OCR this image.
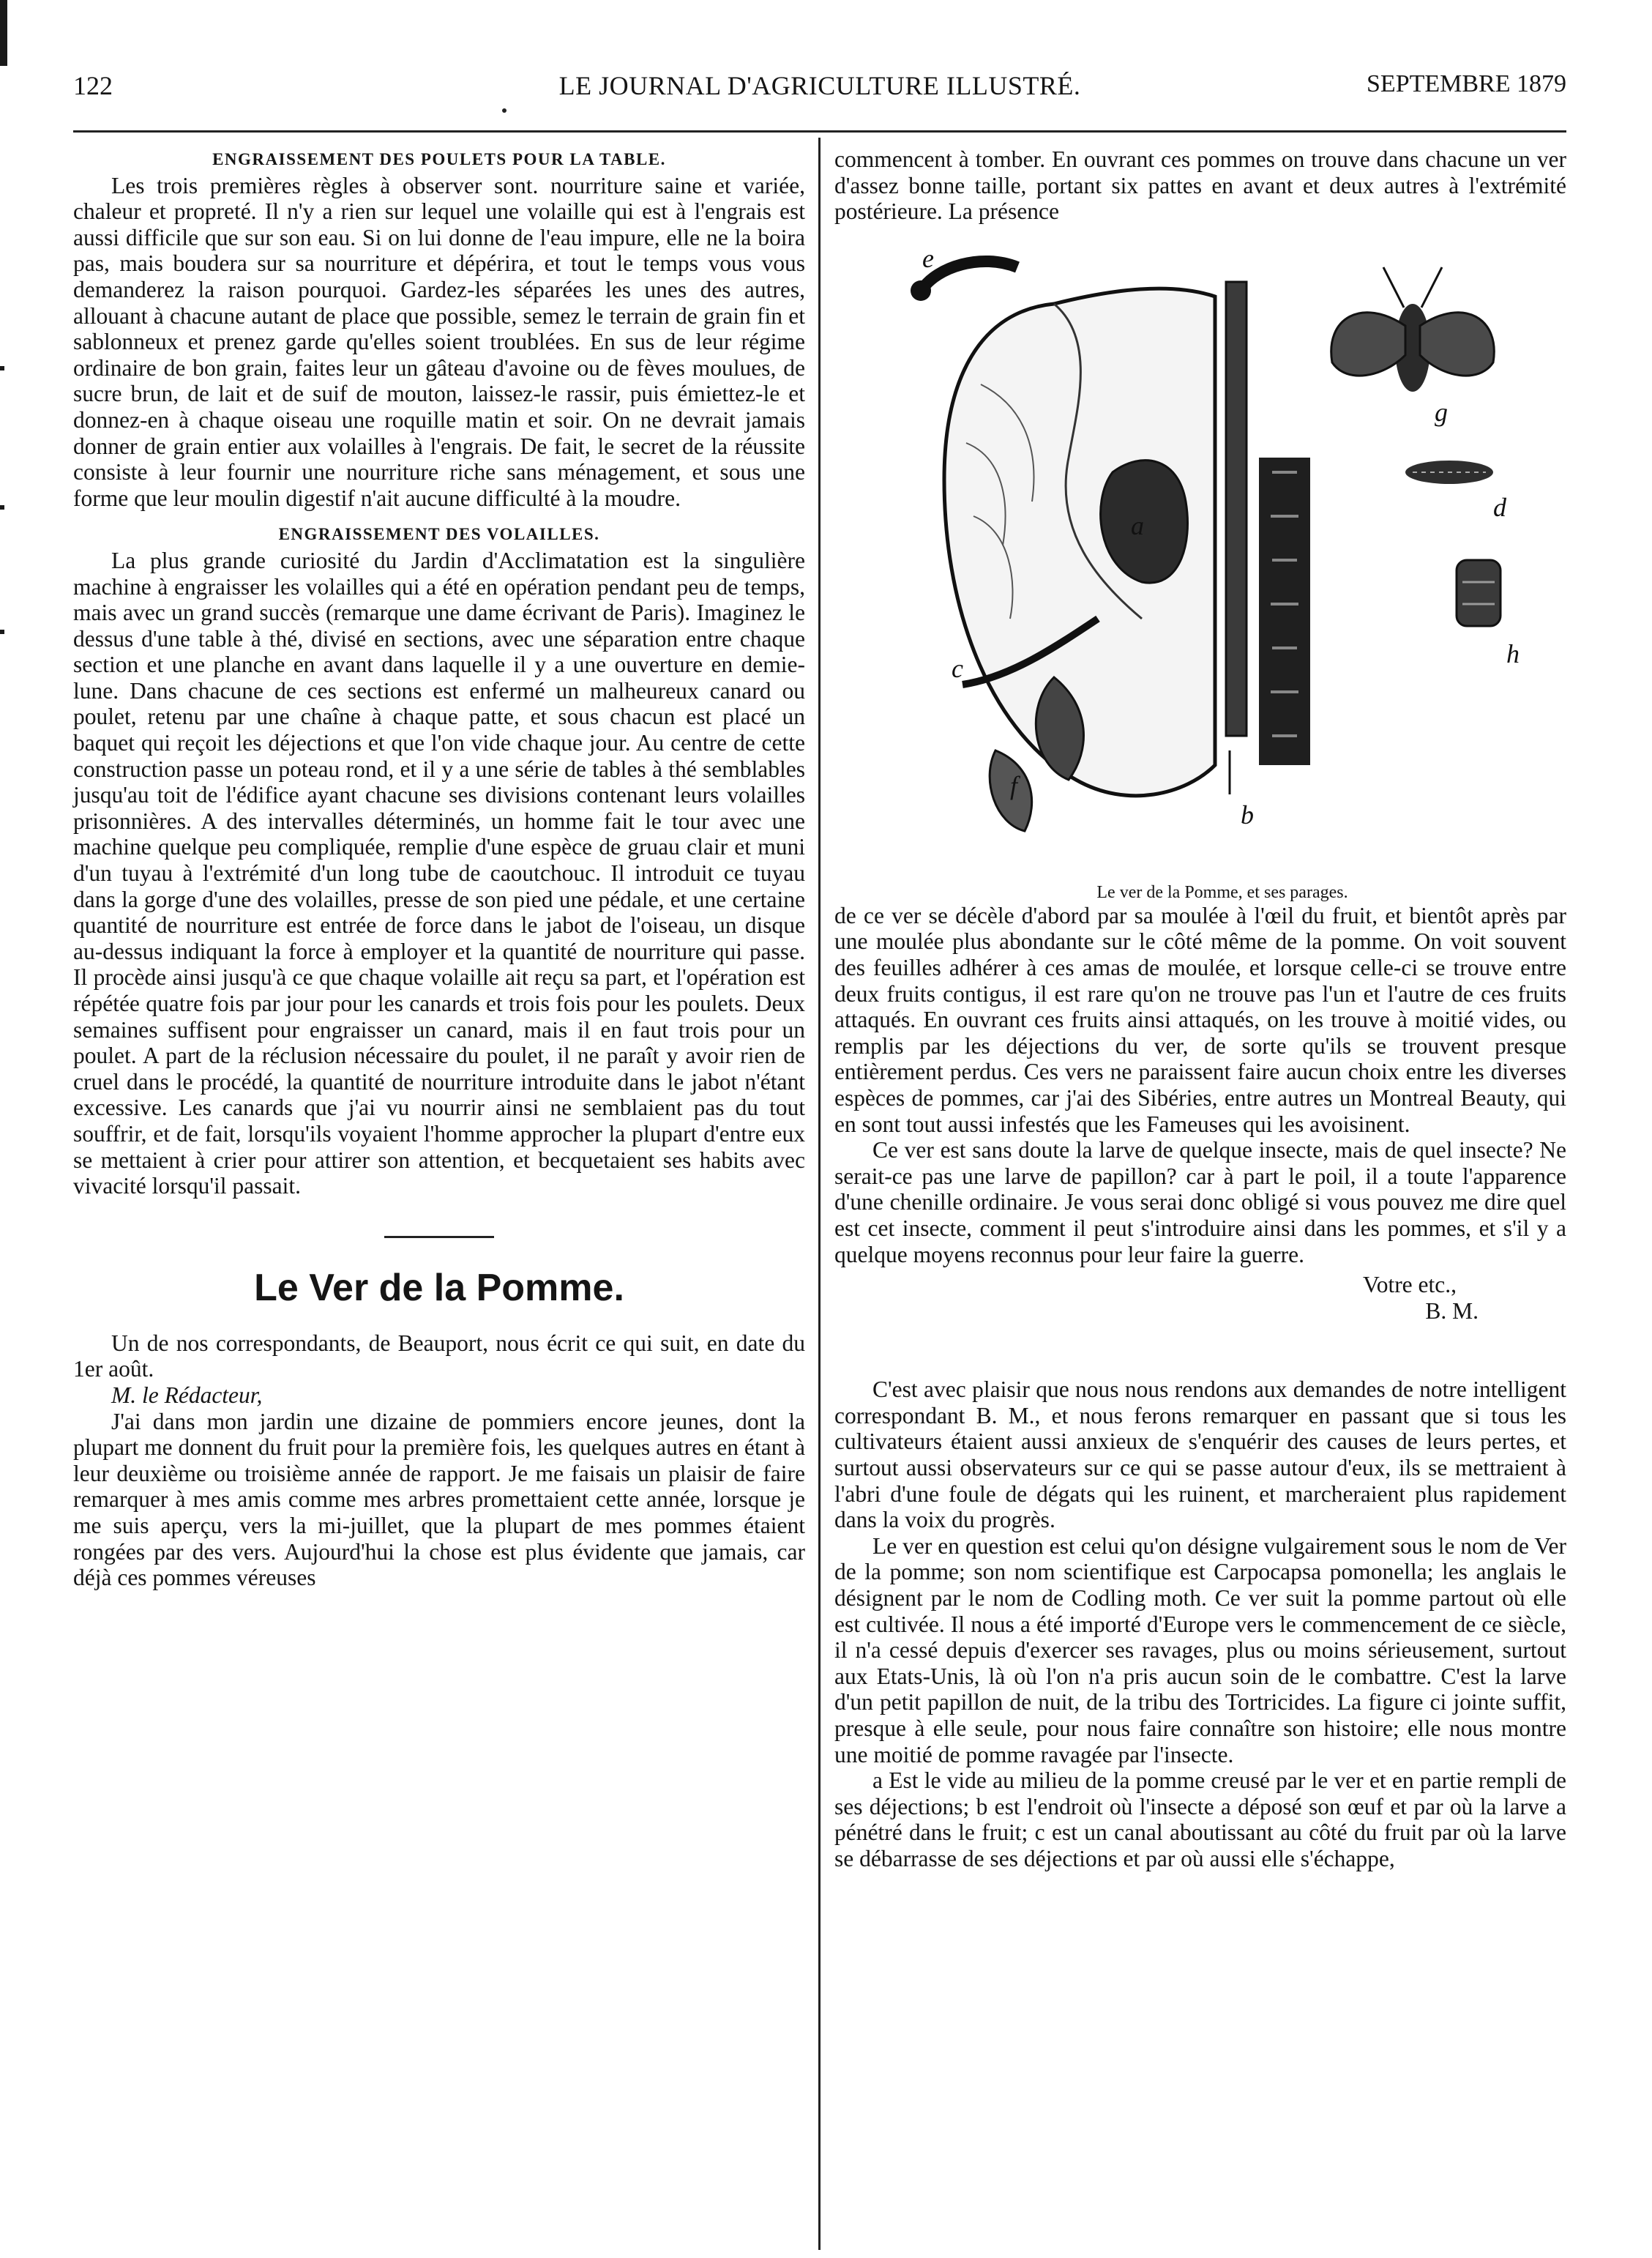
122	LE JOURNAL D'AGRICULTURE ILLUSTRÉ.	SEPTEMBRE 1879
ENGRAISSEMENT DES POULETS POUR LA TABLE.

Les trois premières règles à observer sont. nourriture saine et variée, chaleur et propreté. Il n'y a rien sur lequel une volaille qui est à l'engrais est aussi difficile que sur son eau. Si on lui donne de l'eau impure, elle ne la boira pas, mais boudera sur sa nourriture et dépérira, et tout le temps vous vous demanderez la raison pourquoi. Gardez-les séparées les unes des autres, allouant à chacune autant de place que possible, semez le terrain de grain fin et sablonneux et prenez garde qu'elles soient troublées. En sus de leur régime ordinaire de bon grain, faites leur un gâteau d'avoine ou de fèves moulues, de sucre brun, de lait et de suif de mouton, laissez-le rassir, puis émiettez-le et donnez-en à chaque oiseau une roquille matin et soir. On ne devrait jamais donner de grain entier aux volailles à l'engrais. De fait, le secret de la réussite consiste à leur fournir une nourriture riche sans ménagement, et sous une forme que leur moulin digestif n'ait aucune difficulté à la moudre.

ENGRAISSEMENT DES VOLAILLES.

La plus grande curiosité du Jardin d'Acclimatation est la singulière machine à engraisser les volailles qui a été en opération pendant peu de temps, mais avec un grand succès (remarque une dame écrivant de Paris). Imaginez le dessus d'une table à thé, divisé en sections, avec une séparation entre chaque section et une planche en avant dans laquelle il y a une ouverture en demie-lune. Dans chacune de ces sections est enfermé un malheureux canard ou poulet, retenu par une chaîne à chaque patte, et sous chacun est placé un baquet qui reçoit les déjections et que l'on vide chaque jour. Au centre de cette construction passe un poteau rond, et il y a une série de tables à thé semblables jusqu'au toit de l'édifice ayant chacune ses divisions contenant leurs volailles prisonnières. A des intervalles déterminés, un homme fait le tour avec une machine quelque peu compliquée, remplie d'une espèce de gruau clair et muni d'un tuyau à l'extrémité d'un long tube de caoutchouc. Il introduit ce tuyau dans la gorge d'une des volailles, presse de son pied une pédale, et une certaine quantité de nourriture est entrée de force dans le jabot de l'oiseau, un disque au-dessus indiquant la force à employer et la quantité de nourriture qui passe. Il procède ainsi jusqu'à ce que chaque volaille ait reçu sa part, et l'opération est répétée quatre fois par jour pour les canards et trois fois pour les poulets. Deux semaines suffisent pour engraisser un canard, mais il en faut trois pour un poulet. A part de la réclusion nécessaire du poulet, il ne paraît y avoir rien de cruel dans le procédé, la quantité de nourriture introduite dans le jabot n'étant excessive. Les canards que j'ai vu nourrir ainsi ne semblaient pas du tout souffrir, et de fait, lorsqu'ils voyaient l'homme approcher la plupart d'entre eux se mettaient à crier pour attirer son attention, et becquetaient ses habits avec vivacité lorsqu'il passait.

Le Ver de la Pomme.

Un de nos correspondants, de Beauport, nous écrit ce qui suit, en date du 1er août.

M. le Rédacteur,

J'ai dans mon jardin une dizaine de pommiers encore jeunes, dont la plupart me donnent du fruit pour la première fois, les quelques autres en étant à leur deuxième ou troisième année de rapport. Je me faisais un plaisir de faire remarquer à mes amis comme mes arbres promettaient cette année, lorsque je me suis aperçu, vers la mi-juillet, que la plupart de mes pommes étaient rongées par des vers. Aujourd'hui la chose est plus évidente que jamais, car déjà ces pommes véreuses

commencent à tomber. En ouvrant ces pommes on trouve dans chacune un ver d'assez bonne taille, portant six pattes en avant et deux autres à l'extrémité postérieure. La présence

e
a
c
f
b
g
d
h
Le ver de la Pomme, et ses parages.

de ce ver se décèle d'abord par sa moulée à l'œil du fruit, et bientôt après par une moulée plus abondante sur le côté même de la pomme. On voit souvent des feuilles adhérer à ces amas de moulée, et lorsque celle-ci se trouve entre deux fruits contigus, il est rare qu'on ne trouve pas l'un et l'autre de ces fruits attaqués. En ouvrant ces fruits ainsi attaqués, on les trouve à moitié vides, ou remplis par les déjections du ver, de sorte qu'ils se trouvent presque entièrement perdus. Ces vers ne paraissent faire aucun choix entre les diverses espèces de pommes, car j'ai des Sibéries, entre autres un Montreal Beauty, qui en sont tout aussi infestés que les Fameuses qui les avoisinent.

Ce ver est sans doute la larve de quelque insecte, mais de quel insecte? Ne serait-ce pas une larve de papillon? car à part le poil, il a toute l'apparence d'une chenille ordinaire. Je vous serai donc obligé si vous pouvez me dire quel est cet insecte, comment il peut s'introduire ainsi dans les pommes, et s'il y a quelque moyens reconnus pour leur faire la guerre.

Votre etc.,
B. M.

C'est avec plaisir que nous nous rendons aux demandes de notre intelligent correspondant B. M., et nous ferons remarquer en passant que si tous les cultivateurs étaient aussi anxieux de s'enquérir des causes de leurs pertes, et surtout aussi observateurs sur ce qui se passe autour d'eux, ils se mettraient à l'abri d'une foule de dégats qui les ruinent, et marcheraient plus rapidement dans la voix du progrès.

Le ver en question est celui qu'on désigne vulgairement sous le nom de Ver de la pomme; son nom scientifique est Carpocapsa pomonella; les anglais le désignent par le nom de Codling moth. Ce ver suit la pomme partout où elle est cultivée. Il nous a été importé d'Europe vers le commencement de ce siècle, il n'a cessé depuis d'exercer ses ravages, plus ou moins sérieusement, surtout aux Etats-Unis, là où l'on n'a pris aucun soin de le combattre. C'est la larve d'un petit papillon de nuit, de la tribu des Tortricides. La figure ci jointe suffit, presque à elle seule, pour nous faire connaître son histoire; elle nous montre une moitié de pomme ravagée par l'insecte.

a Est le vide au milieu de la pomme creusé par le ver et en partie rempli de ses déjections; b est l'endroit où l'insecte a déposé son œuf et par où la larve a pénétré dans le fruit; c est un canal aboutissant au côté du fruit par où la larve se débarrasse de ses déjections et par où aussi elle s'échappe,
